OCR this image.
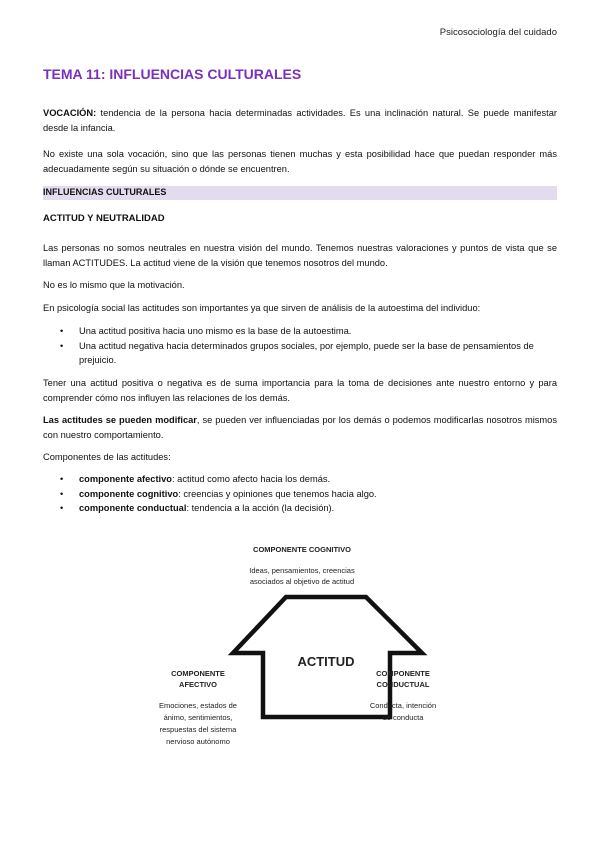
Psicosociología del cuidado
TEMA 11: INFLUENCIAS CULTURALES
VOCACIÓN: tendencia de la persona hacia determinadas actividades. Es una inclinación natural. Se puede manifestar desde la infancia.
No existe una sola vocación, sino que las personas tienen muchas y esta posibilidad hace que puedan responder más adecuadamente según su situación o dónde se encuentren.
INFLUENCIAS CULTURALES
ACTITUD Y NEUTRALIDAD
Las personas no somos neutrales en nuestra visión del mundo. Tenemos nuestras valoraciones y puntos de vista que se llaman ACTITUDES. La actitud viene de la visión que tenemos nosotros del mundo.
No es lo mismo que la motivación.
En psicología social las actitudes son importantes ya que sirven de análisis de la autoestima del individuo:
• Una actitud positiva hacia uno mismo es la base de la autoestima.
• Una actitud negativa hacia determinados grupos sociales, por ejemplo, puede ser la base de pensamientos de prejuicio.
Tener una actitud positiva o negativa es de suma importancia para la toma de decisiones ante nuestro entorno y para comprender cómo nos influyen las relaciones de los demás.
Las actitudes se pueden modificar, se pueden ver influenciadas por los demás o podemos modificarlas nosotros mismos con nuestro comportamiento.
Componentes de las actitudes:
• componente afectivo: actitud como afecto hacia los demás.
• componente cognitivo: creencias y opiniones que tenemos hacia algo.
• componente conductual: tendencia a la acción (la decisión).
ACTITUD
COMPONENTE COGNITIVO
Ideas, pensamientos, creencias
asociados al objetivo de actitud
COMPONENTE
AFECTIVO
Emociones, estados de
ánimo, sentimientos,
respuestas del sistema
nervioso autónomo
COMPONENTE
CONDUCTUAL
Conducta, intención
de conducta
